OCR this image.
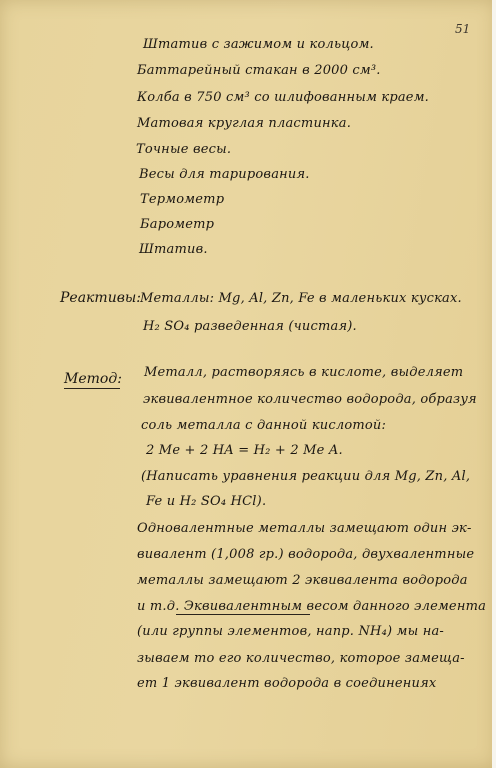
51
Штатив с зажимом и кольцом.
Баттарейный стакан в 2000 см³.
Колба в 750 см³ со шлифованным краем.
Матовая круглая пластинка.
Точные весы.
Весы для тарирования.
Термометр
Барометр
Штатив.
Реактивы: Металлы: Mg, Al, Zn, Fe в маленьких кусках.
H₂ SO₄ разведенная (чистая).
Метод: Металл, растворяясь в кислоте, выделяет
эквивалентное количество водорода, образуя
соль металла с данной кислотой:
2 Me + 2 HA = H₂ + 2 Me A.
(Написать уравнения реакции для Mg, Zn, Al,
Fe и H₂ SO₄ HCl).
Одновалентные металлы замещают один эк-
вивалент (1,008 гр.) водорода, двухвалентные
металлы замещают 2 эквивалента водорода
и т.д. Эквивалентным весом данного элемента
(или группы элементов, напр. NH₄) мы на-
зываем то его количество, которое замеща-
ет 1 эквивалент водорода в соединениях
